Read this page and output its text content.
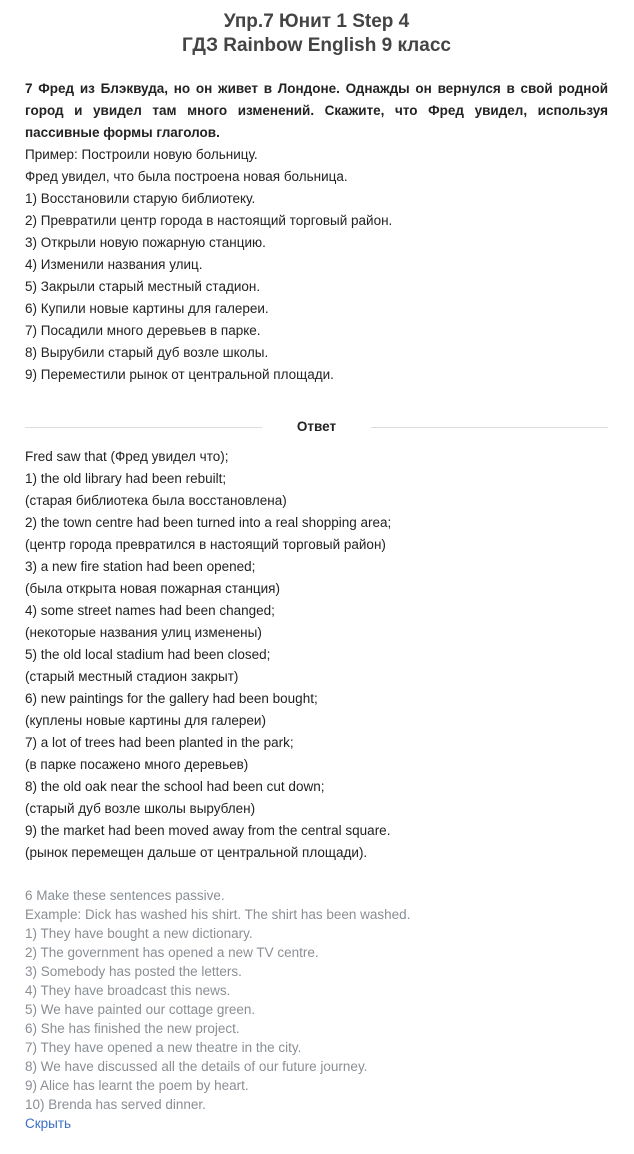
Упр.7 Юнит 1 Step 4
ГДЗ Rainbow English 9 класс

7 Фред из Блэквуда, но он живет в Лондоне. Однажды он вернулся в свой родной город и увидел там много изменений. Скажите, что Фред увидел, используя пассивные формы глаголов.

Пример: Построили новую больницу.
Фред увидел, что была построена новая больница.
1) Восстановили старую библиотеку.
2) Превратили центр города в настоящий торговый район.
3) Открыли новую пожарную станцию.
4) Изменили названия улиц.
5) Закрыли старый местный стадион.
6) Купили новые картины для галереи.
7) Посадили много деревьев в парке.
8) Вырубили старый дуб возле школы.
9) Переместили рынок от центральной площади.
Ответ
Fred saw that (Фред увидел что);
1) the old library had been rebuilt;
(старая библиотека была восстановлена)
2) the town centre had been turned into a real shopping area;
(центр города превратился в настоящий торговый район)
3) a new fire station had been opened;
(была открыта новая пожарная станция)
4) some street names had been changed;
(некоторые названия улиц изменены)
5) the old local stadium had been closed;
(старый местный стадион закрыт)
6) new paintings for the gallery had been bought;
(куплены новые картины для галереи)
7) a lot of trees had been planted in the park;
(в парке посажено много деревьев)
8) the old oak near the school had been cut down;
(старый дуб возле школы вырублен)
9) the market had been moved away from the central square.
(рынок перемещен дальше от центральной площади).
6 Make these sentences passive.
Example: Dick has washed his shirt. The shirt has been washed.
1) They have bought a new dictionary.
2) The government has opened a new TV centre.
3) Somebody has posted the letters.
4) They have broadcast this news.
5) We have painted our cottage green.
6) She has finished the new project.
7) They have opened a new theatre in the city.
8) We have discussed all the details of our future journey.
9) Alice has learnt the poem by heart.
10) Brenda has served dinner.
Скрыть
